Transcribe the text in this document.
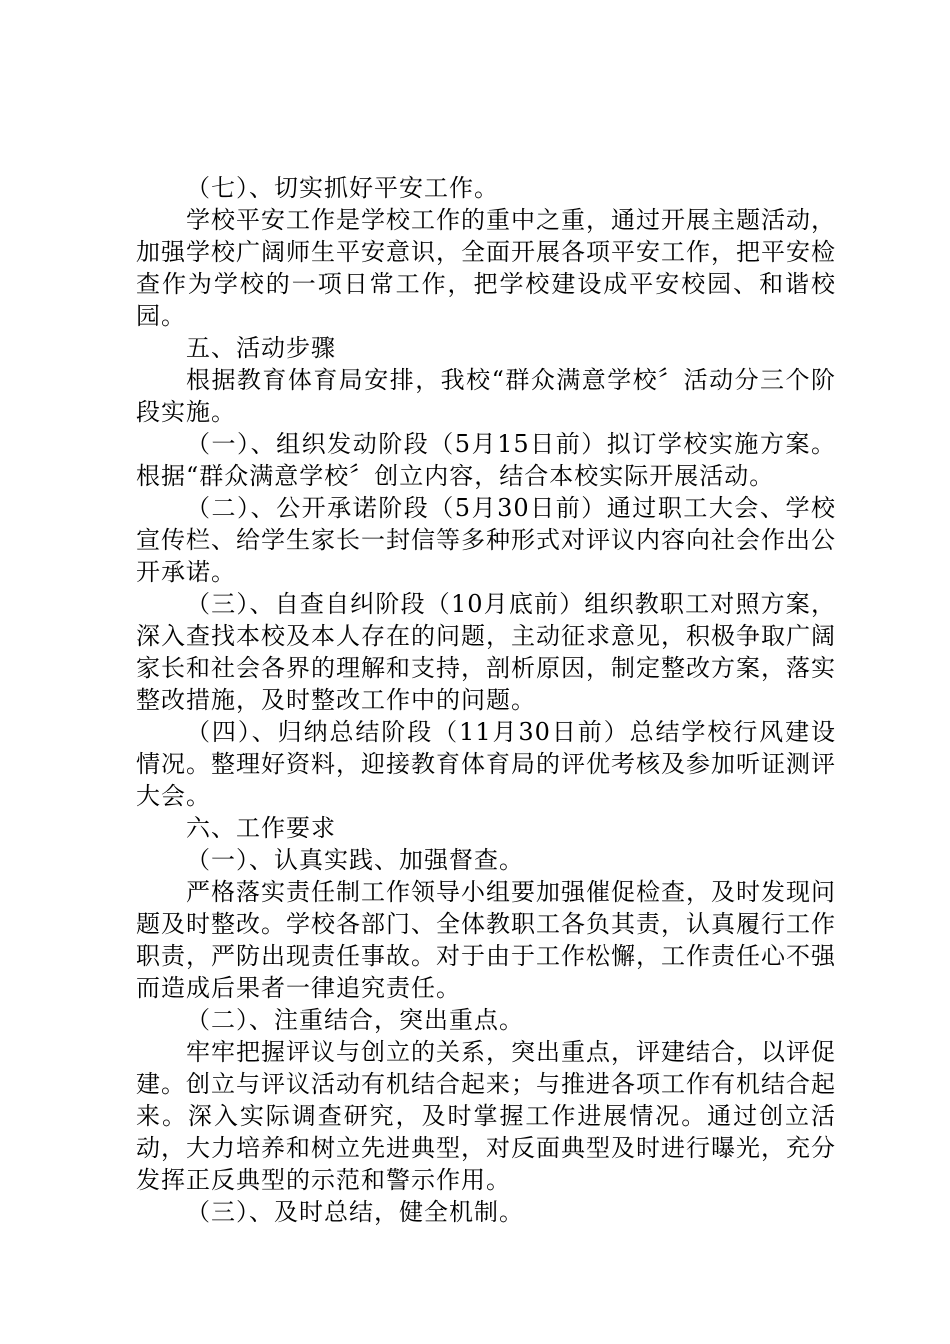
（七）、切实抓好平安工作。

学校平安工作是学校工作的重中之重，通过开展主题活动，加强学校广阔师生平安意识，全面开展各项平安工作，把平安检查作为学校的一项日常工作，把学校建设成平安校园、和谐校园。

五、活动步骤

根据教育体育局安排，我校“群众满意学校〞活动分三个阶段实施。

（一）、组织发动阶段（5月15日前）拟订学校实施方案。根据“群众满意学校〞创立内容，结合本校实际开展活动。

（二）、公开承诺阶段（5月30日前）通过职工大会、学校宣传栏、给学生家长一封信等多种形式对评议内容向社会作出公开承诺。

（三）、自查自纠阶段（10月底前）组织教职工对照方案，深入查找本校及本人存在的问题，主动征求意见，积极争取广阔家长和社会各界的理解和支持，剖析原因，制定整改方案，落实整改措施，及时整改工作中的问题。

（四）、归纳总结阶段（11月30日前）总结学校行风建设情况。整理好资料，迎接教育体育局的评优考核及参加听证测评大会。

六、工作要求

（一）、认真实践、加强督查。

严格落实责任制工作领导小组要加强催促检查，及时发现问题及时整改。学校各部门、全体教职工各负其责，认真履行工作职责，严防出现责任事故。对于由于工作松懈，工作责任心不强而造成后果者一律追究责任。

（二）、注重结合，突出重点。

牢牢把握评议与创立的关系，突出重点，评建结合，以评促建。创立与评议活动有机结合起来；与推进各项工作有机结合起来。深入实际调查研究，及时掌握工作进展情况。通过创立活动，大力培养和树立先进典型，对反面典型及时进行曝光，充分发挥正反典型的示范和警示作用。

（三）、及时总结，健全机制。
